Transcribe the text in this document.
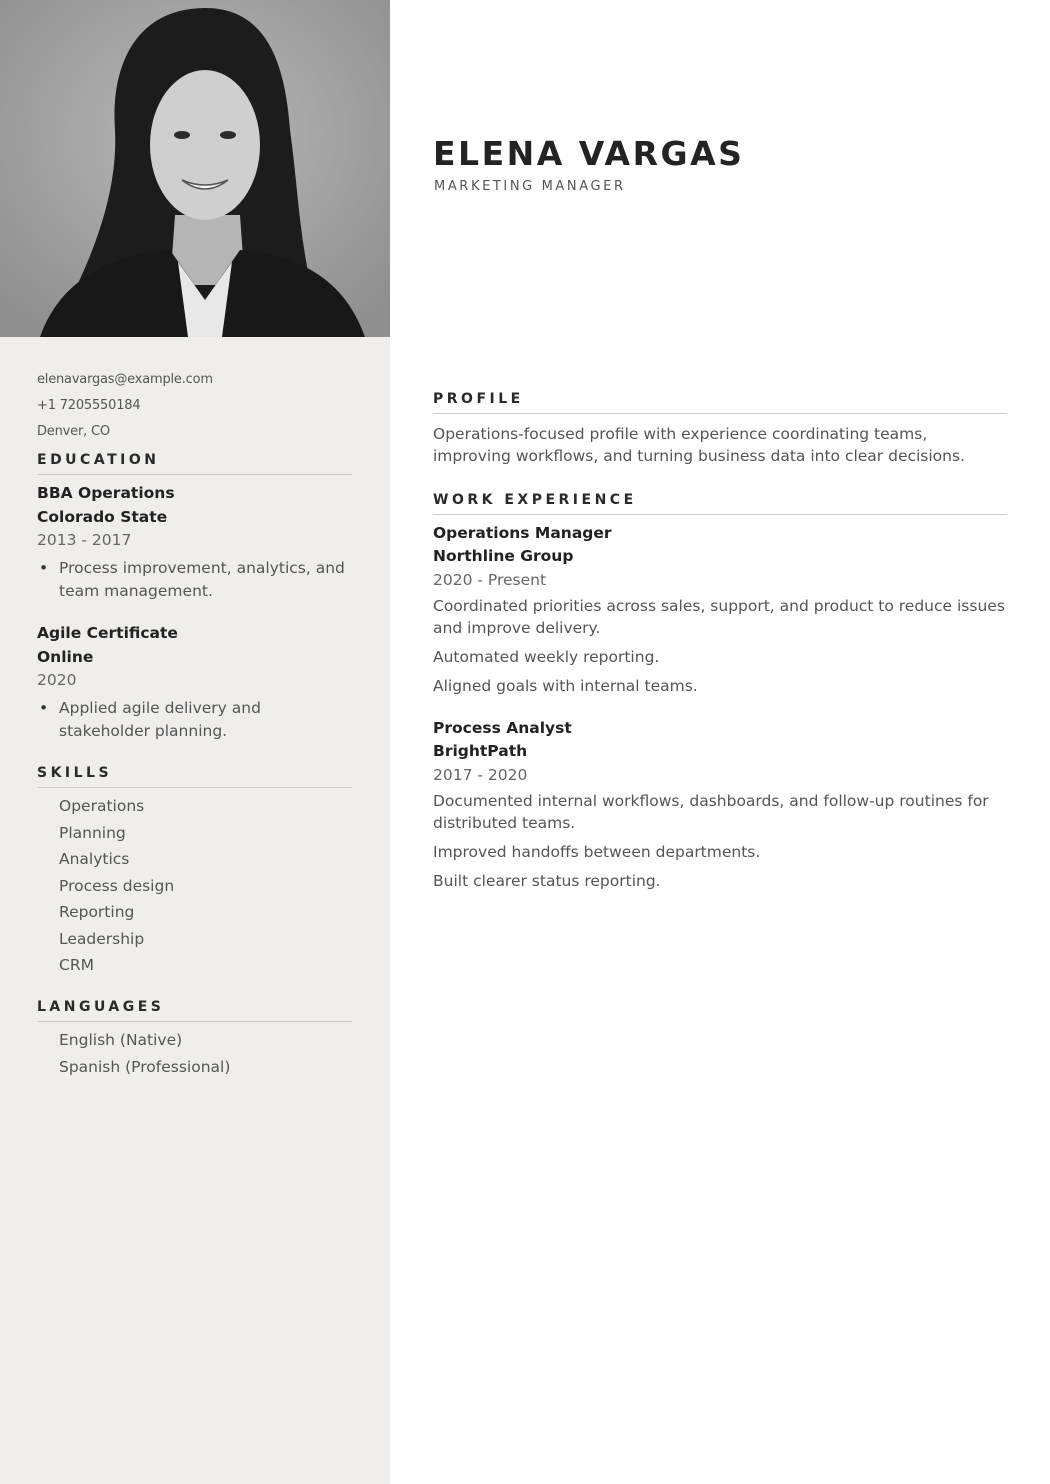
elenavargas@example.com
+1 7205550184
Denver, CO
EDUCATION
BBA Operations
Colorado State
2013 - 2017
• Process improvement, analytics, and team management.
Agile Certificate
Online
2020
• Applied agile delivery and stakeholder planning.
SKILLS
Operations
Planning
Analytics
Process design
Reporting
Leadership
CRM
LANGUAGES
English (Native)
Spanish (Professional)
ELENA VARGAS
MARKETING MANAGER
PROFILE
Operations-focused profile with experience coordinating teams, improving workflows, and turning business data into clear decisions.
WORK EXPERIENCE
Operations Manager
Northline Group
2020 - Present
Coordinated priorities across sales, support, and product to reduce issues and improve delivery.
Automated weekly reporting.
Aligned goals with internal teams.
Process Analyst
BrightPath
2017 - 2020
Documented internal workflows, dashboards, and follow-up routines for distributed teams.
Improved handoffs between departments.
Built clearer status reporting.
